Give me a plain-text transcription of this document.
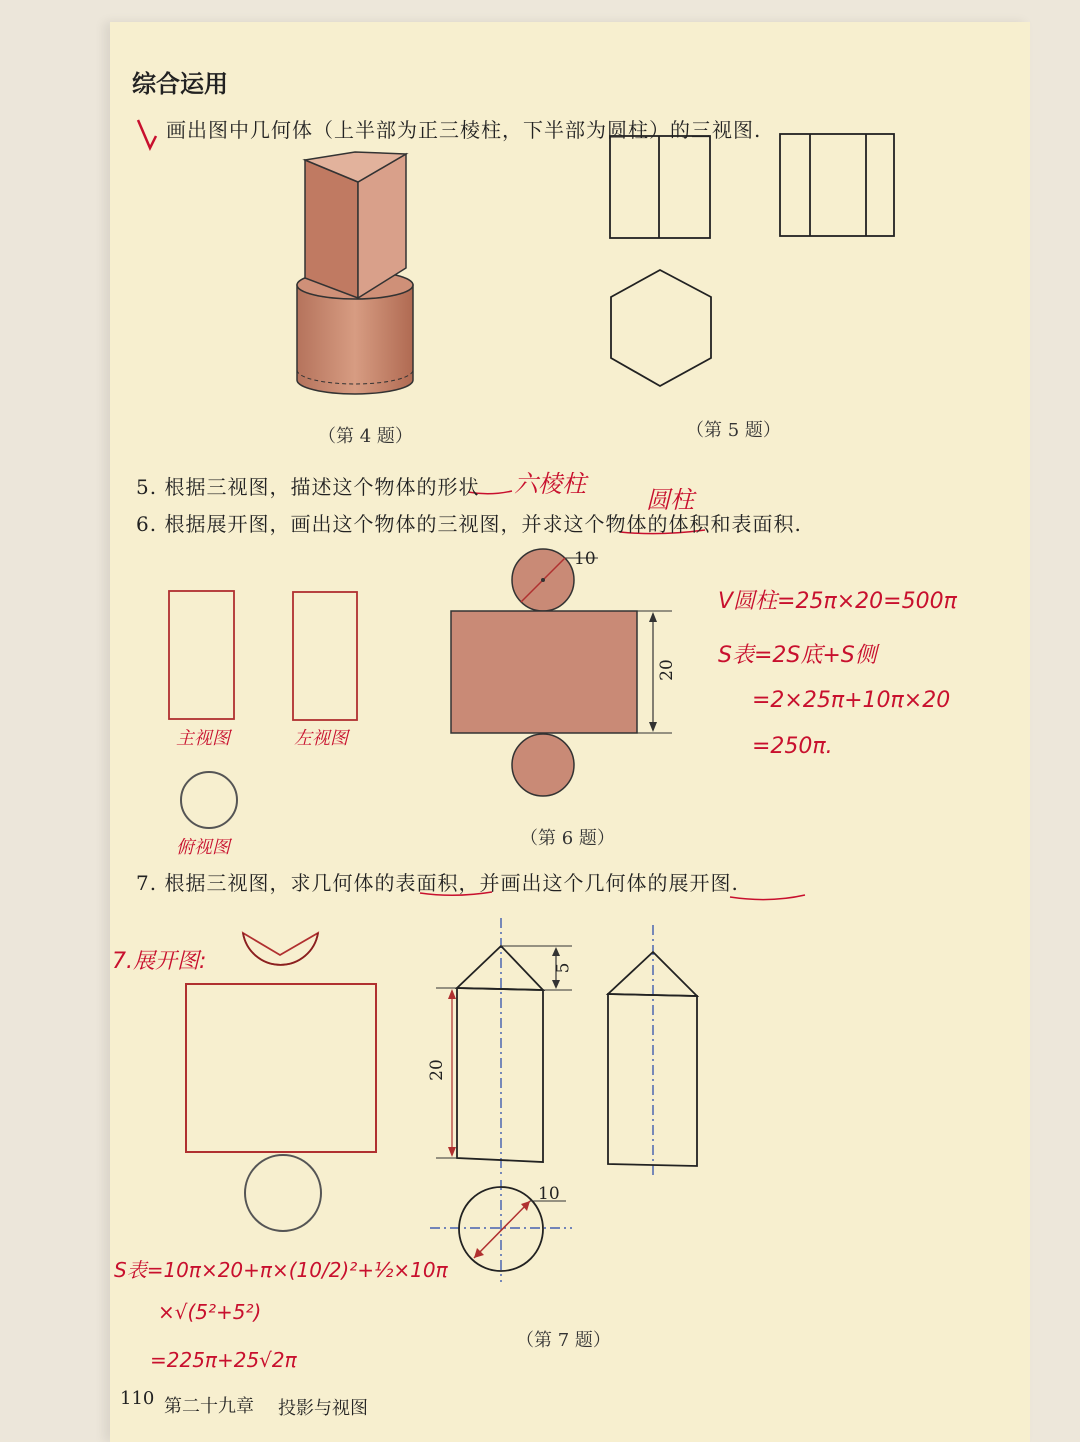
综合运用
画出图中几何体（上半部为正三棱柱，下半部为圆柱）的三视图.
（第 4 题）	（第 5 题）
5. 根据三视图，描述这个物体的形状 六棱柱
6. 根据展开图，画出这个物体的三视图，并求这个物体的体积和表面积.
圆柱
10
20
主视图	左视图
俯视图	（第 6 题）
V圆柱=25π×20=500π
S表=2S底+S侧
=2×25π+10π×20
=250π.
7. 根据三视图，求几何体的表面积，并画出这个几何体的展开图.
7.展开图:	5
20
10
（第 7 题）
S表=10π×20+π×(10/2)²+½×10π
×√(5²+5²)
=225π+25√2π
110 第二十九章 投影与视图
